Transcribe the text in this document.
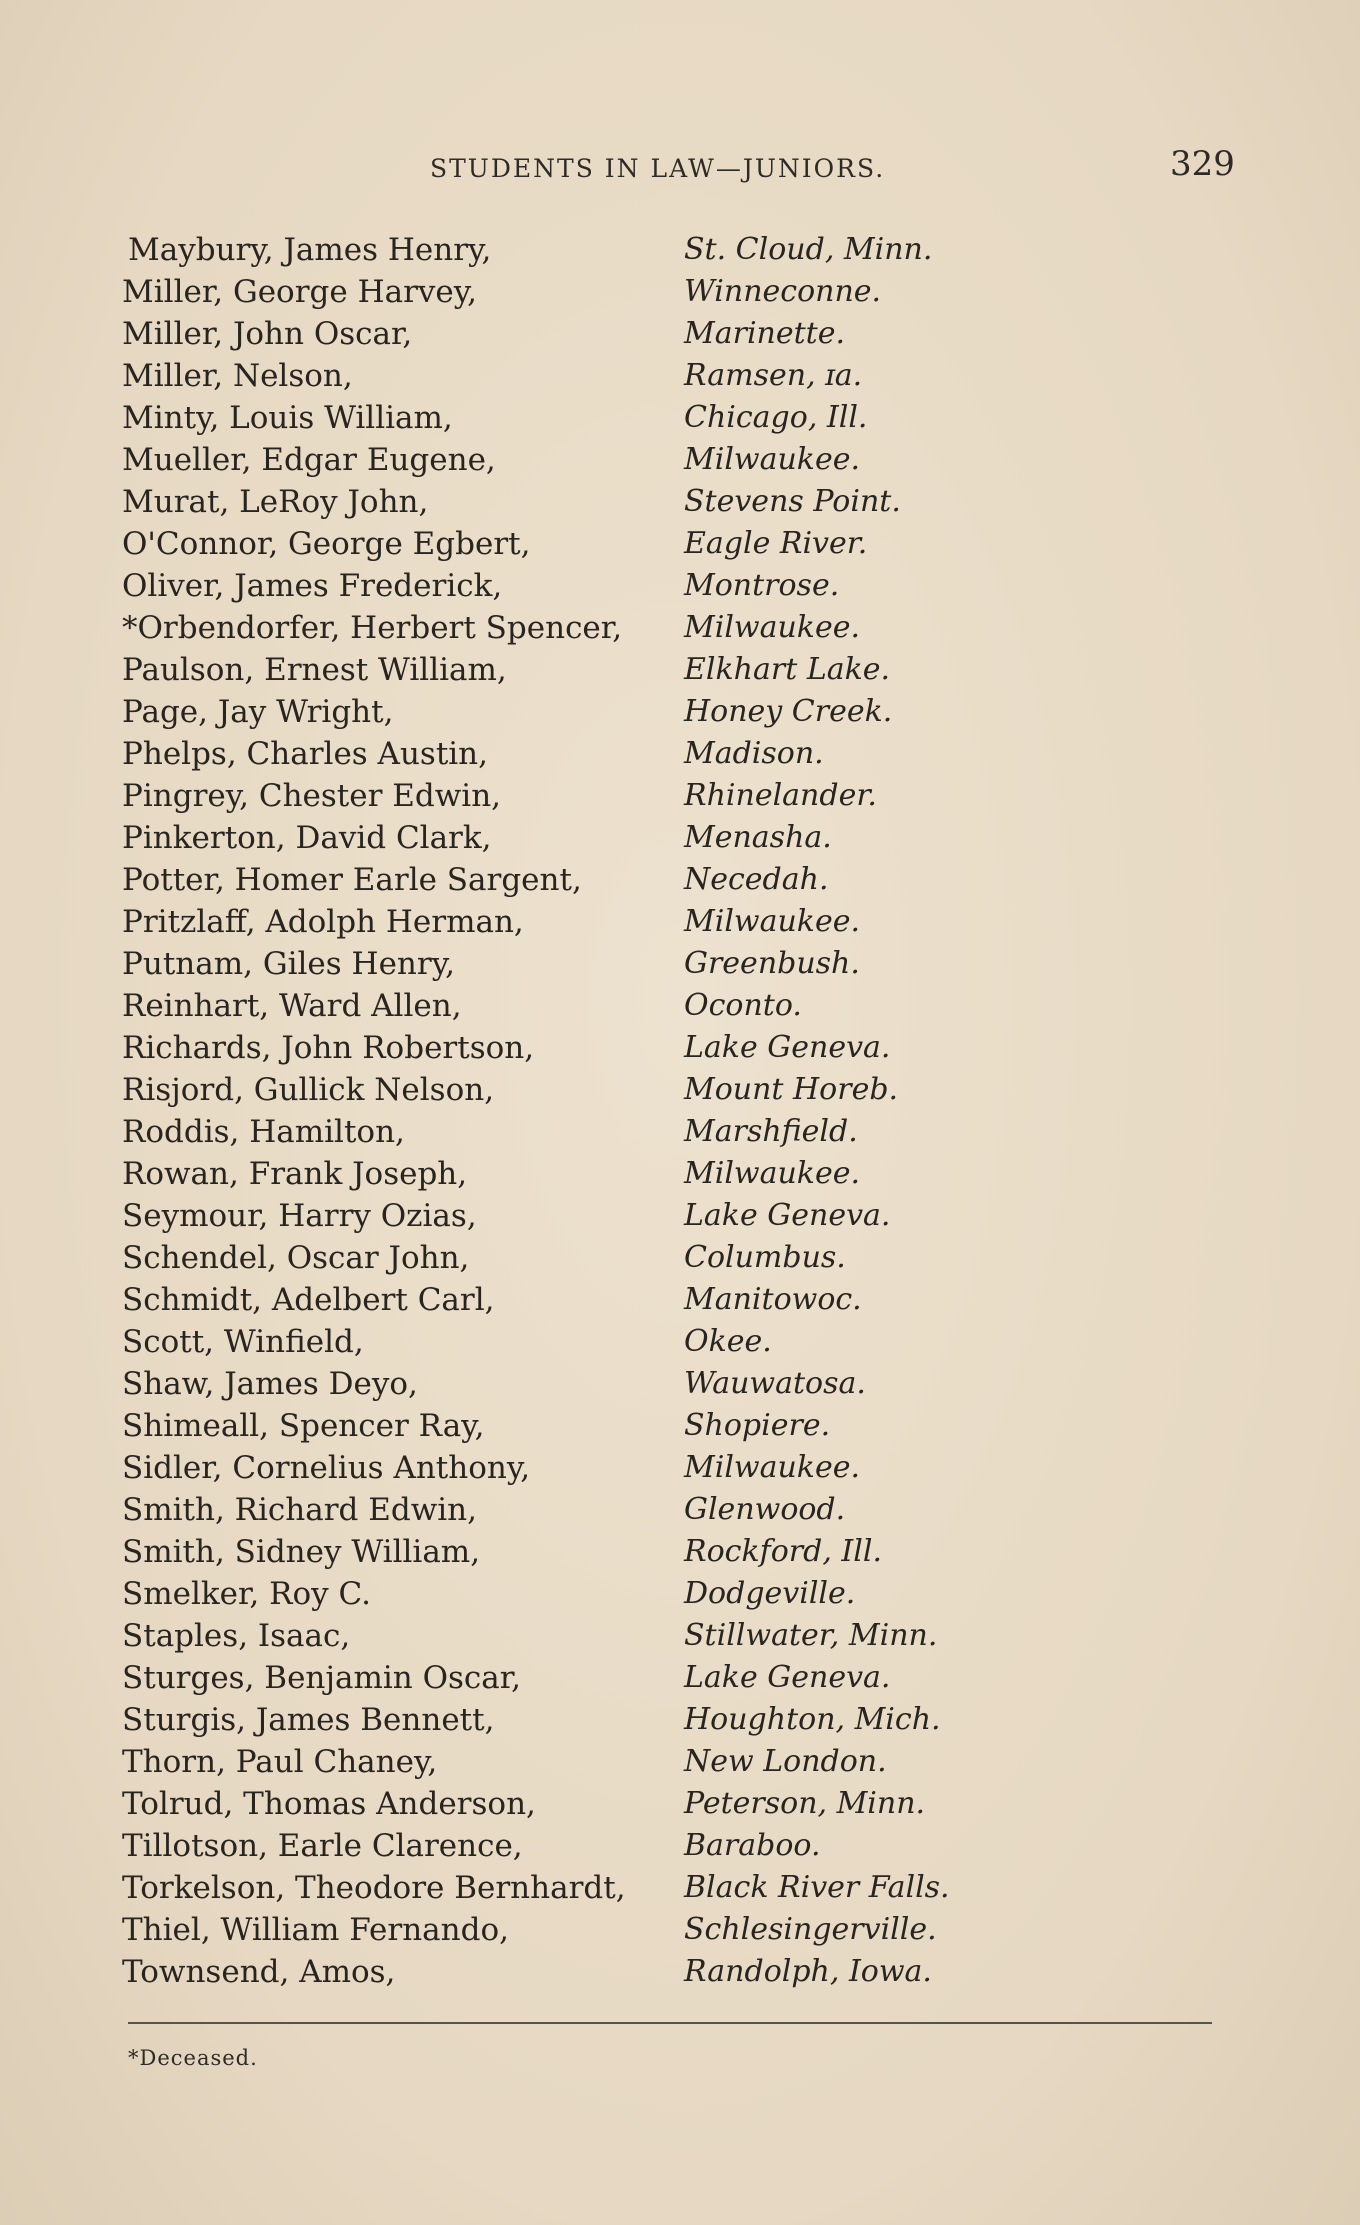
STUDENTS IN LAW—JUNIORS.	329
Maybury, James Henry,	St. Cloud, Minn.
Miller, George Harvey,	Winneconne.
Miller, John Oscar,	Marinette.
Miller, Nelson,	Ramsen, ɪa.
Minty, Louis William,	Chicago, Ill.
Mueller, Edgar Eugene,	Milwaukee.
Murat, LeRoy John,	Stevens Point.
O'Connor, George Egbert,	Eagle River.
Oliver, James Frederick,	Montrose.
*Orbendorfer, Herbert Spencer, Milwaukee.
Paulson, Ernest William,	Elkhart Lake.
Page, Jay Wright,	Honey Creek.
Phelps, Charles Austin,	Madison.
Pingrey, Chester Edwin,	Rhinelander.
Pinkerton, David Clark,	Menasha.
Potter, Homer Earle Sargent,	Necedah.
Pritzlaff, Adolph Herman,	Milwaukee.
Putnam, Giles Henry,	Greenbush.
Reinhart, Ward Allen,	Oconto.
Richards, John Robertson,	Lake Geneva.
Risjord, Gullick Nelson,	Mount Horeb.
Roddis, Hamilton,	Marshfield.
Rowan, Frank Joseph,	Milwaukee.
Seymour, Harry Ozias,	Lake Geneva.
Schendel, Oscar John,	Columbus.
Schmidt, Adelbert Carl,	Manitowoc.
Scott, Winfield,	Okee.
Shaw, James Deyo,	Wauwatosa.
Shimeall, Spencer Ray,	Shopiere.
Sidler, Cornelius Anthony,	Milwaukee.
Smith, Richard Edwin,	Glenwood.
Smith, Sidney William,	Rockford, Ill.
Smelker, Roy C.	Dodgeville.
Staples, Isaac,	Stillwater, Minn.
Sturges, Benjamin Oscar,	Lake Geneva.
Sturgis, James Bennett,	Houghton, Mich.
Thorn, Paul Chaney,	New London.
Tolrud, Thomas Anderson,	Peterson, Minn.
Tillotson, Earle Clarence,	Baraboo.
Torkelson, Theodore Bernhardt, Black River Falls.
Thiel, William Fernando,	Schlesingerville.
Townsend, Amos,	Randolph, Iowa.
*Deceased.
